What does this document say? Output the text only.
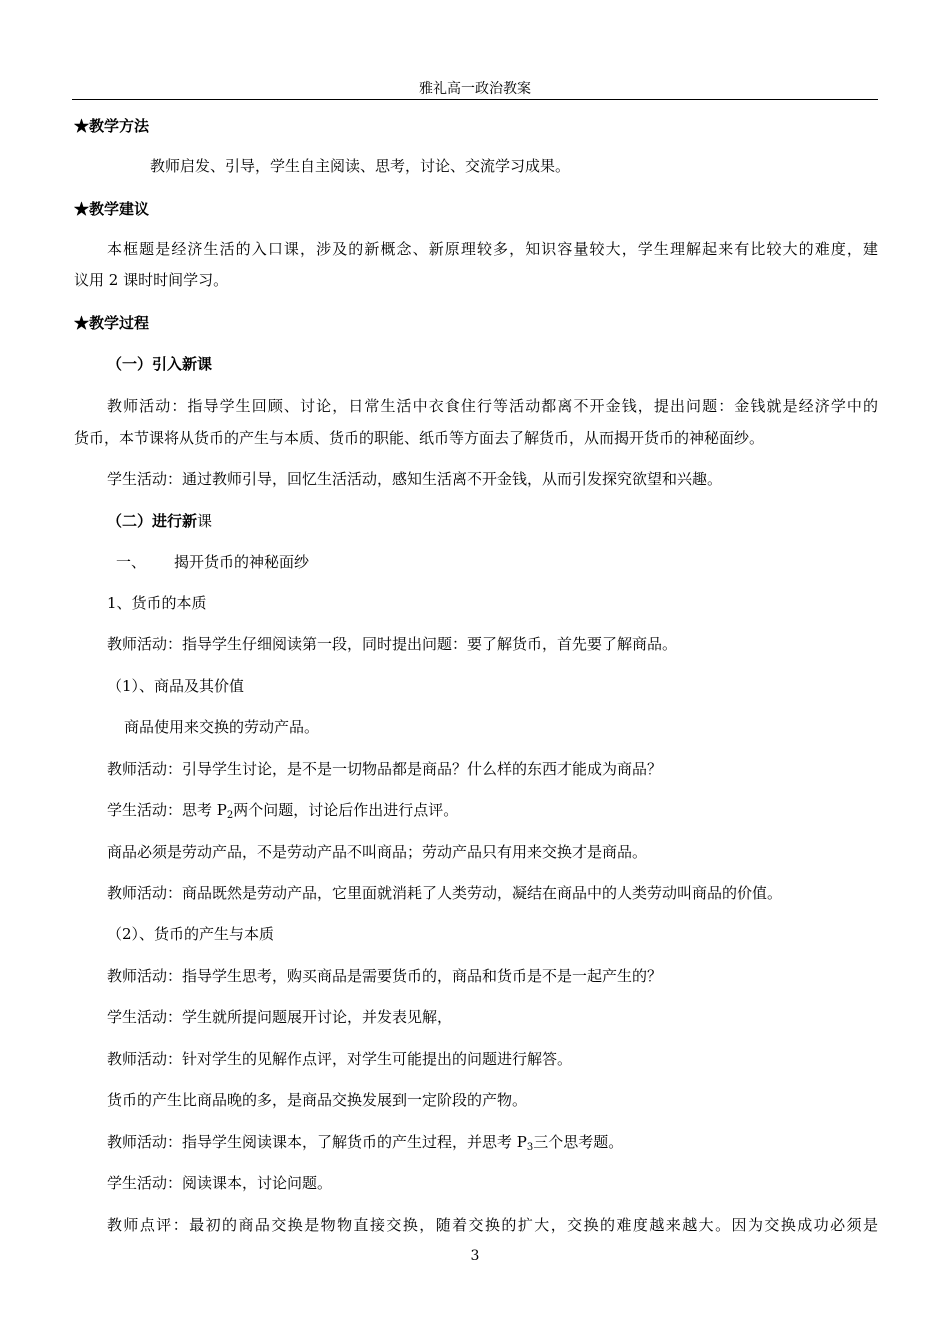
雅礼高一政治教案
★教学方法
教师启发、引导，学生自主阅读、思考，讨论、交流学习成果。
★教学建议
本框题是经济生活的入口课，涉及的新概念、新原理较多，知识容量较大，学生理解起来有比较大的难度，建
议用 2 课时时间学习。
★教学过程
（一）引入新课
教师活动：指导学生回顾、讨论，日常生活中衣食住行等活动都离不开金钱，提出问题：金钱就是经济学中的
货币，本节课将从货币的产生与本质、货币的职能、纸币等方面去了解货币，从而揭开货币的神秘面纱。
学生活动：通过教师引导，回忆生活活动，感知生活离不开金钱，从而引发探究欲望和兴趣。
（二）进行新课
一、 揭开货币的神秘面纱
1、货币的本质
教师活动：指导学生仔细阅读第一段，同时提出问题：要了解货币，首先要了解商品。
（1）、商品及其价值
商品使用来交换的劳动产品。
教师活动：引导学生讨论，是不是一切物品都是商品？什么样的东西才能成为商品？
学生活动：思考 $P_2$两个问题，讨论后作出进行点评。
商品必须是劳动产品，不是劳动产品不叫商品；劳动产品只有用来交换才是商品。
教师活动：商品既然是劳动产品，它里面就消耗了人类劳动，凝结在商品中的人类劳动叫商品的价值。
（2）、货币的产生与本质
教师活动：指导学生思考，购买商品是需要货币的，商品和货币是不是一起产生的？
学生活动：学生就所提问题展开讨论，并发表见解，
教师活动：针对学生的见解作点评，对学生可能提出的问题进行解答。
货币的产生比商品晚的多，是商品交换发展到一定阶段的产物。
教师活动：指导学生阅读课本，了解货币的产生过程，并思考 $P_3$三个思考题。
学生活动：阅读课本，讨论问题。
教师点评：最初的商品交换是物物直接交换，随着交换的扩大，交换的难度越来越大。因为交换成功必须是
3
